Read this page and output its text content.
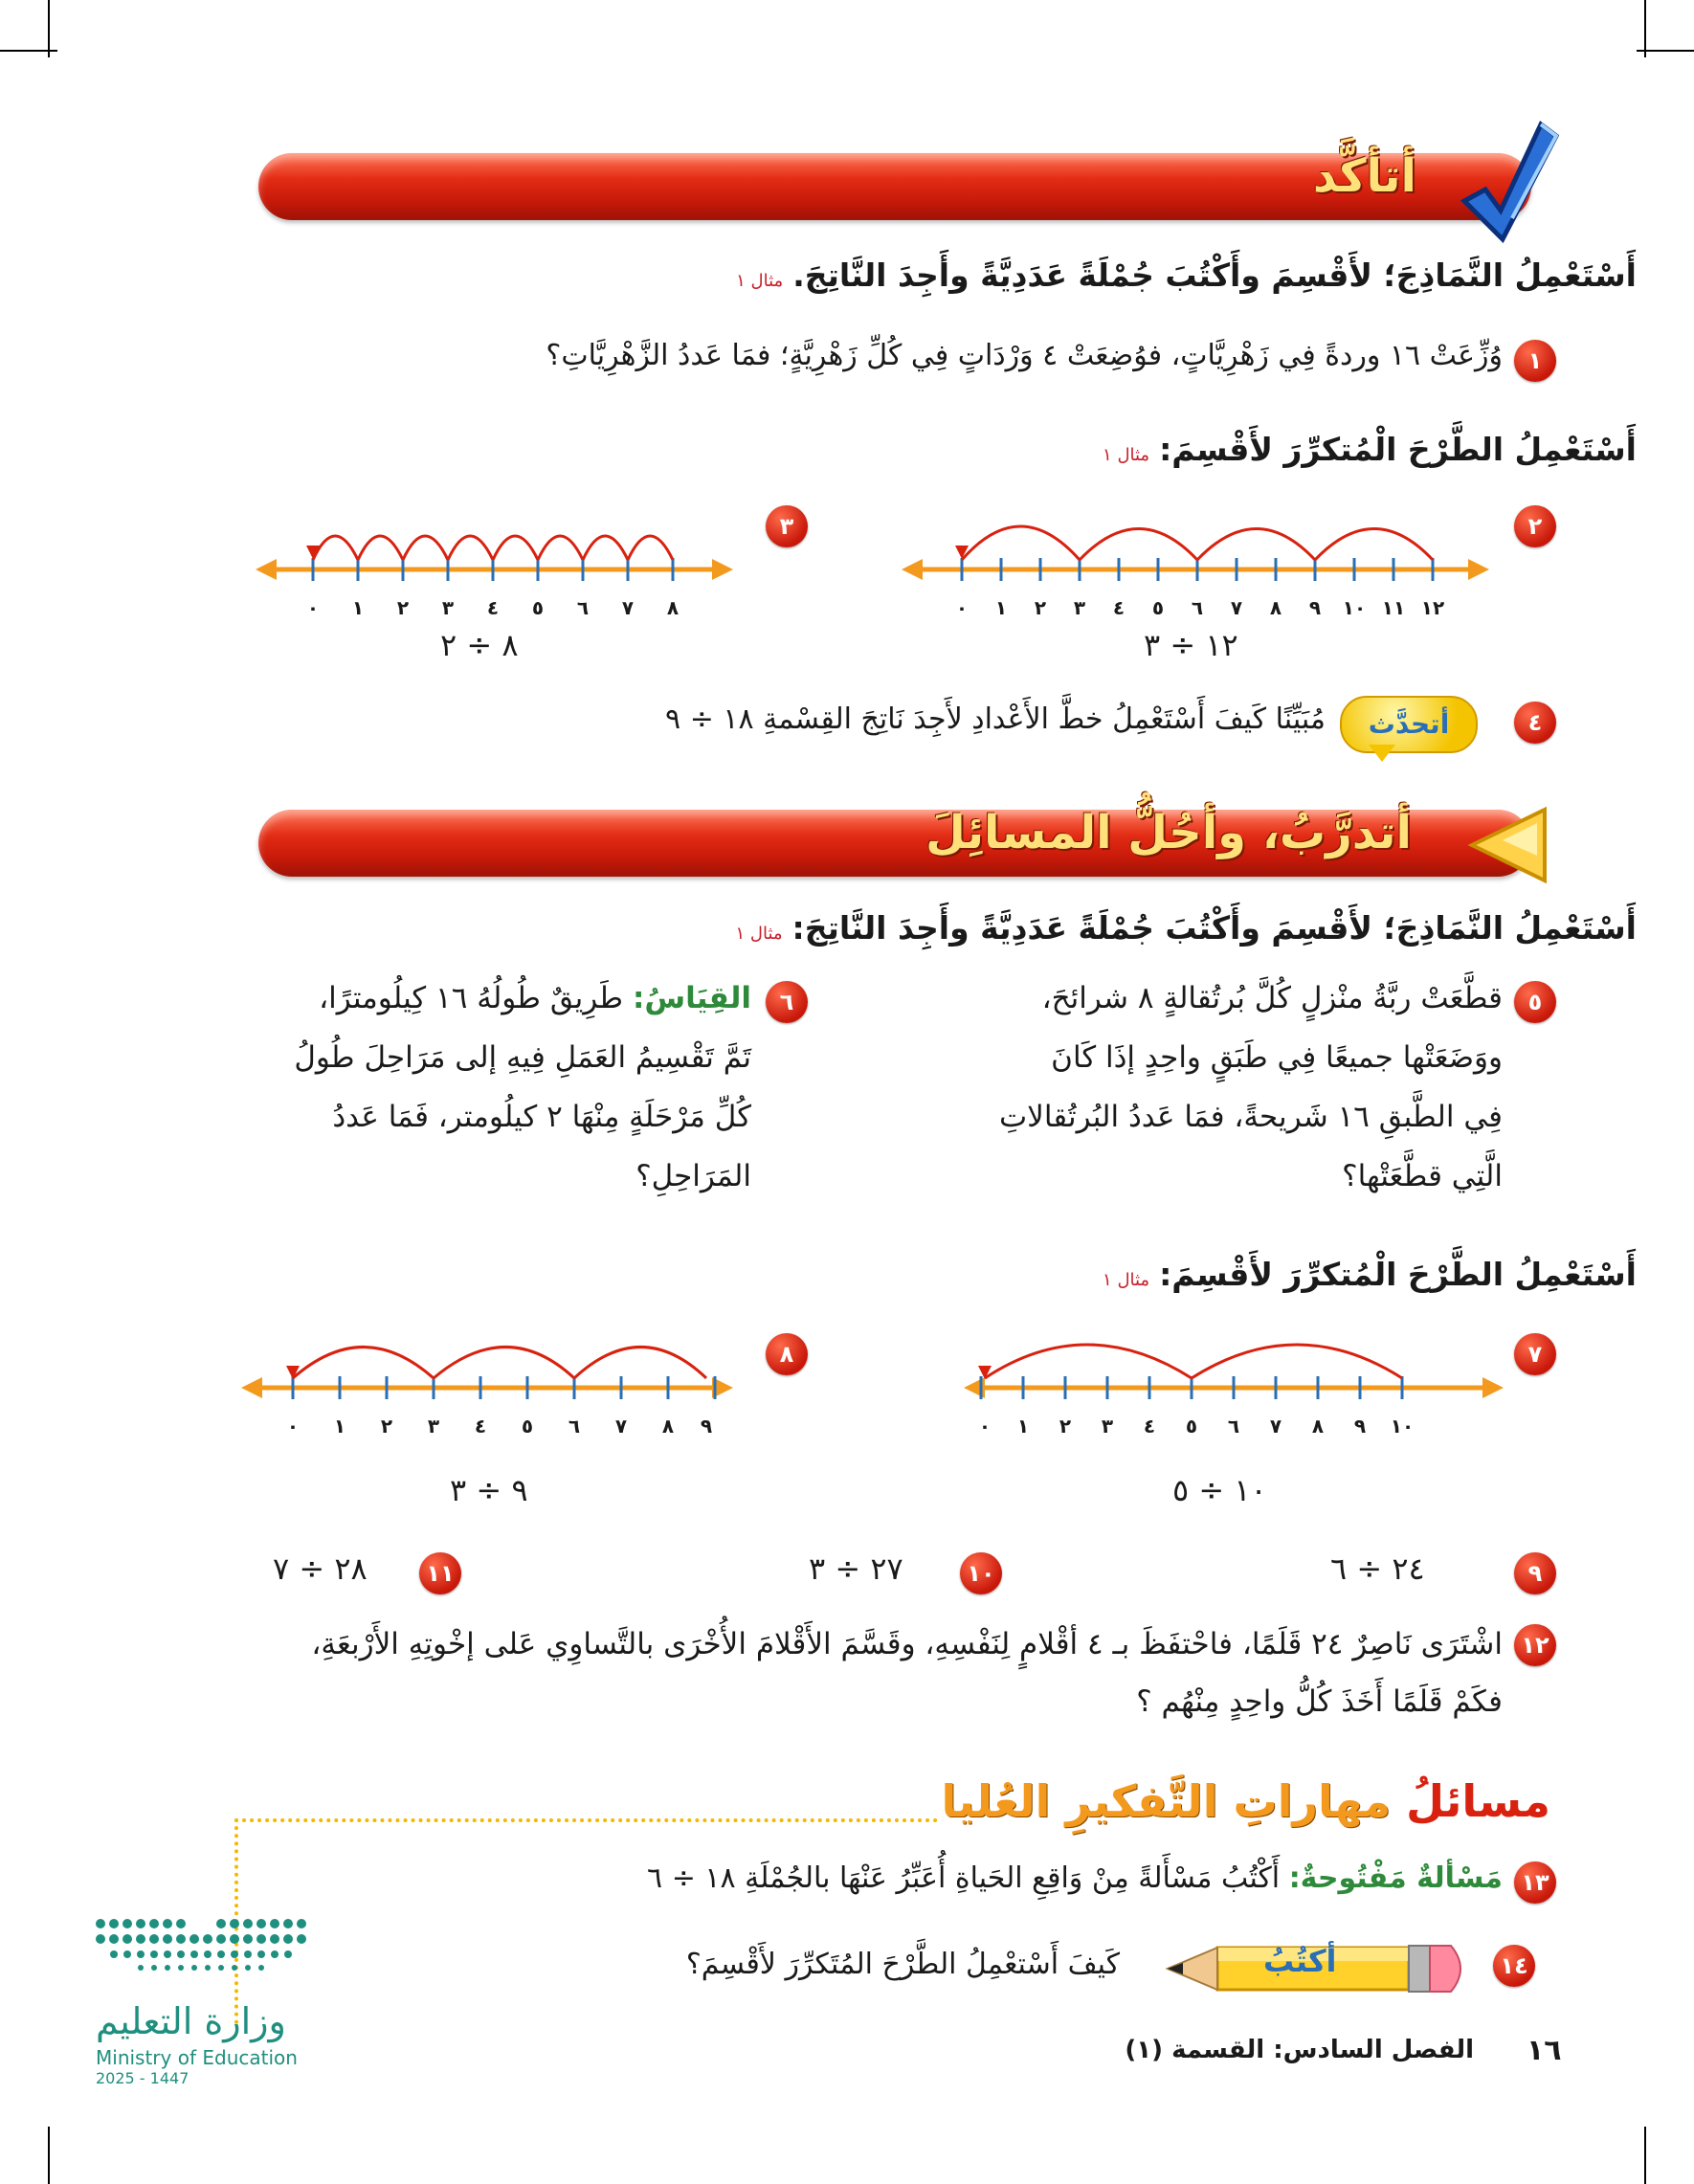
أتأكَّد
أَسْتَعْمِلُ النَّمَاذِجَ؛ لأَقْسِمَ وأَكْتُبَ جُمْلَةً عَدَدِيَّةً وأَجِدَ النَّاتِجَ.مثال ١
١
وُزِّعَتْ ١٦ وردةً فِي زَهْرِيَّاتٍ، فوُضِعَتْ ٤ وَرْدَاتٍ فِي كُلِّ زَهْرِيَّةٍ؛ فمَا عَددُ الزَّهْرِيَّاتِ؟
أَسْتَعْمِلُ الطَّرْحَ الْمُتكرِّرَ لأَقْسِمَ:مثال ١
٢
٠ ١ ٢ ٣ ٤ ٥ ٦ ٧ ٨ ٩ ١٠ ١١ ١٢
١٢ ÷ ٣
٣
٠ ١ ٢ ٣ ٤ ٥ ٦ ٧ ٨
٨ ÷ ٢
٤
أتحدَّث
مُبَيِّنًا كَيفَ أَسْتَعْمِلُ خطَّ الأَعْدادِ لأَجِدَ نَاتِجَ القِسْمةِ ١٨ ÷ ٩
أتدرَّبُ، وأحُلُّ المسائِلَ
أَسْتَعْمِلُ النَّمَاذِجَ؛ لأَقْسِمَ وأَكْتُبَ جُمْلَةً عَدَدِيَّةً وأَجِدَ النَّاتِجَ:مثال ١
٥
قطَّعَتْ ربَّةُ منْزلٍ كُلَّ بُرتُقالةٍ ٨ شرائحَ،
ووَضَعَتْها جميعًا فِي طَبَقٍ واحِدٍ إذَا كَانَ
فِي الطَّبقِ ١٦ شَريحةً، فمَا عَددُ البُرتُقالاتِ
الَّتِي قطَّعَتْها؟
٦
القِيَاسُ: طَرِيقٌ طُولُهُ ١٦ كِيلُومترًا،
تَمَّ تَقْسِيمُ العَمَلِ فِيهِ إلى مَرَاحِلَ طُولُ
كُلِّ مَرْحَلَةٍ مِنْهَا ٢ كيلُومتر، فَمَا عَددُ
المَرَاحِلِ؟
أَسْتَعْمِلُ الطَّرْحَ الْمُتكرِّرَ لأَقْسِمَ:مثال ١
٧
٠ ١ ٢ ٣ ٤ ٥ ٦ ٧ ٨ ٩ ١٠
١٠ ÷ ٥
٨
٠ ١ ٢ ٣ ٤ ٥ ٦ ٧ ٨ ٩
٩ ÷ ٣
٩
٢٤ ÷ ٦
١٠
٢٧ ÷ ٣
١١
٢٨ ÷ ٧
١٢
اشْتَرَى نَاصِرٌ ٢٤ قَلَمًا، فاحْتفَظَ بـ ٤ أقْلامٍ لِنَفْسِهِ، وقَسَّمَ الأَقْلامَ الأُخْرَى بالتَّساوِي عَلى إخْوتِهِ الأَرْبعَةِ،
فكَمْ قَلَمًا أَخَذَ كُلُّ واحِدٍ مِنْهُم ؟
مسائلُ مهاراتِ التَّفكيرِ العُليا
١٣
مَسْألةٌ مَفْتُوحةٌ: أَكْتُبُ مَسْأَلةً مِنْ وَاقِعِ الحَياةِ أُعَبِّرُ عَنْهَا بالجُمْلَةِ ١٨ ÷ ٦
١٤
أكتُبُ
كَيفَ أَسْتعْمِلُ الطَّرْحَ المُتَكرِّرَ لأَقْسِمَ؟
وزارة التعليم
Ministry of Education
2025 - 1447
١٦
الفصل السادس: القسمة (١)
